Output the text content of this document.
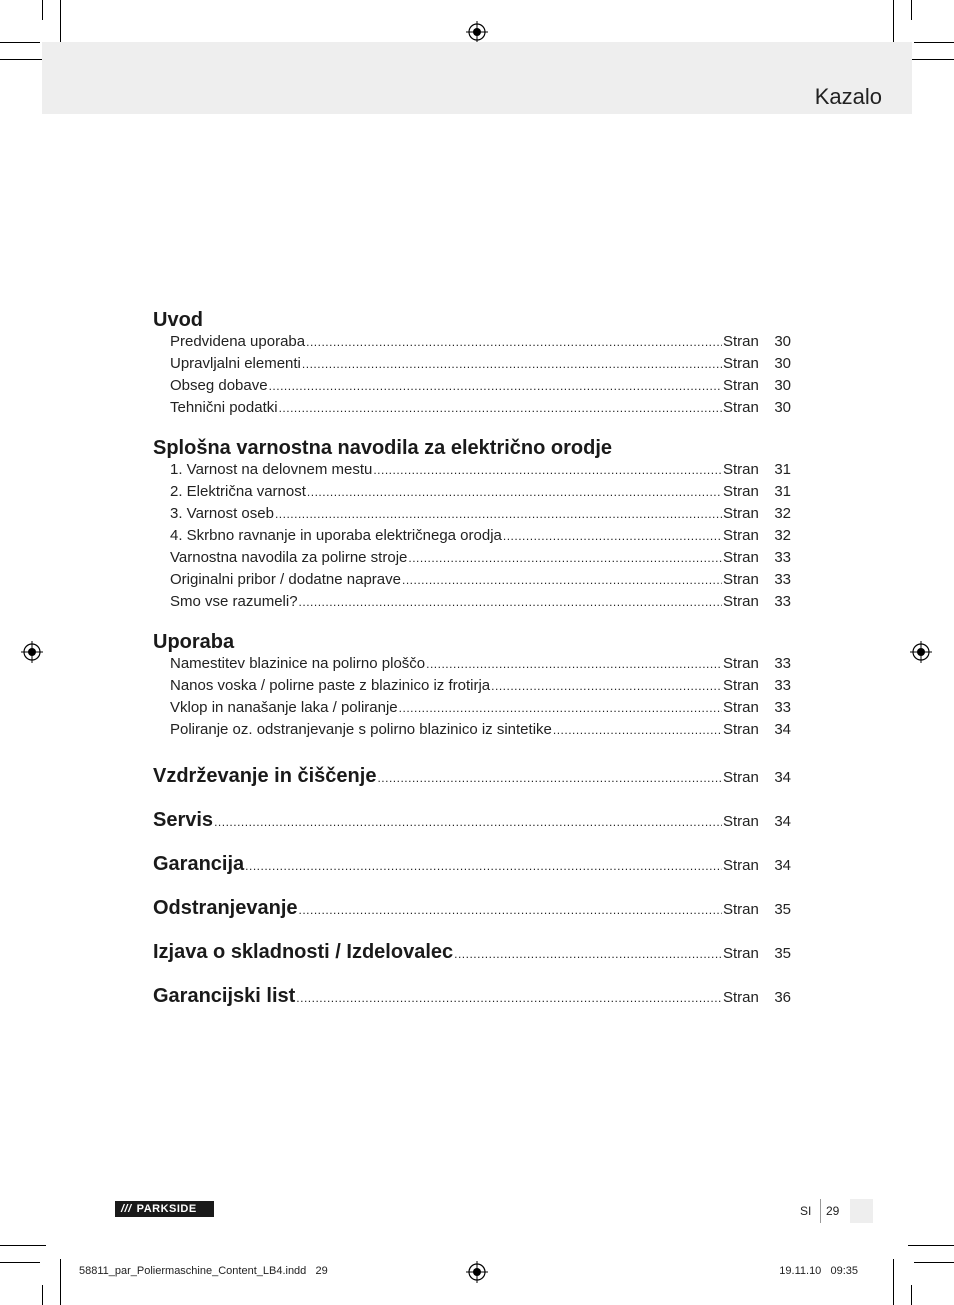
Kazalo
Uvod
Predvidena uporaba .....	Stran	30
Upravljalni elementi .....	Stran	30
Obseg dobave .....	Stran	30
Tehnični podatki .....	Stran	30
Splošna varnostna navodila za električno orodje
1. Varnost na delovnem mestu .....	Stran	31
2. Električna varnost .....	Stran	31
3. Varnost oseb .....	Stran	32
4. Skrbno ravnanje in uporaba električnega orodja .....	Stran	32
Varnostna navodila za polirne stroje .....	Stran	33
Originalni pribor / dodatne naprave .....	Stran	33
Smo vse razumeli? .....	Stran	33
Uporaba
Namestitev blazinice na polirno ploščo .....	Stran	33
Nanos voska / polirne paste z blazinico iz frotirja .....	Stran	33
Vklop in nanašanje laka / poliranje .....	Stran	33
Poliranje oz. odstranjevanje s polirno blazinico iz sintetike .....	Stran	34
Vzdrževanje in čiščenje .....	Stran	34
Servis .....	Stran	34
Garancija .....	Stran	34
Odstranjevanje .....	Stran	35
Izjava o skladnosti / Izdelovalec .....	Stran	35
Garancijski list .....	Stran	36
/// PARKSIDE	SI 29
58811_par_Poliermaschine_Content_LB4.indd   29	19.11.10   09:35
